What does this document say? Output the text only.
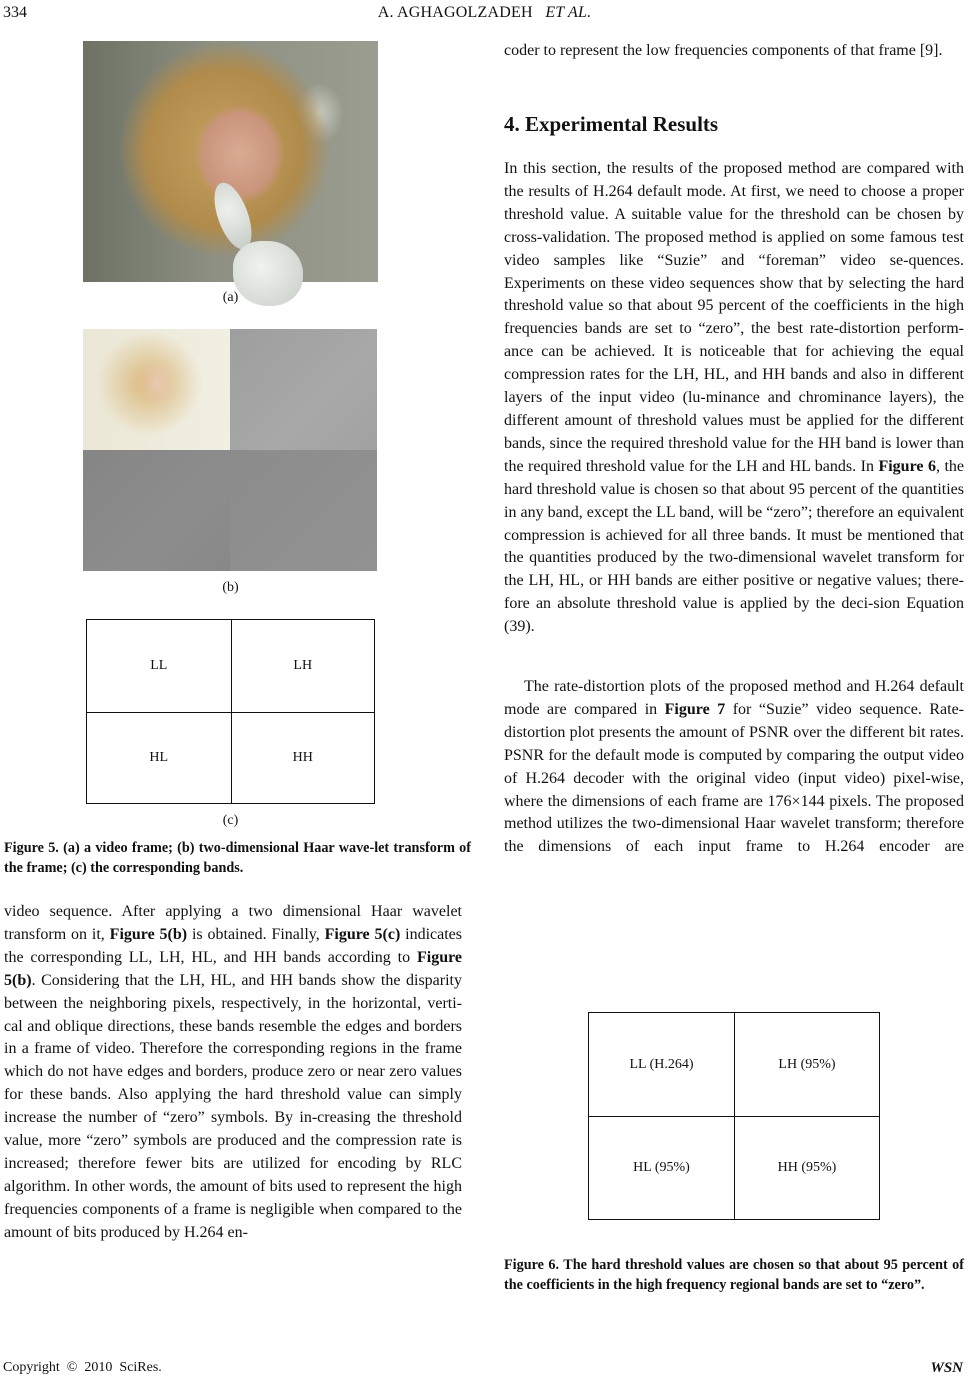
334	A. AGHAGOLZADEH ET AL.
(a)
(b)
LL	LH
HL	HH
(c)
Figure 5. (a) a video frame; (b) two-dimensional Haar wave-let transform of the frame; (c) the corresponding bands.
video sequence. After applying a two dimensional Haar wavelet transform on it, Figure 5(b) is obtained. Finally, Figure 5(c) indicates the corresponding LL, LH, HL, and HH bands according to Figure 5(b). Considering that the LH, HL, and HH bands show the disparity between the neighboring pixels, respectively, in the horizontal, verti-cal and oblique directions, these bands resemble the edges and borders in a frame of video. Therefore the corresponding regions in the frame which do not have edges and borders, produce zero or near zero values for these bands. Also applying the hard threshold value can simply increase the number of “zero” symbols. By in-creasing the threshold value, more “zero” symbols are produced and the compression rate is increased; therefore fewer bits are utilized for encoding by RLC algorithm. In other words, the amount of bits used to represent the high frequencies components of a frame is negligible when compared to the amount of bits produced by H.264 en-
coder to represent the low frequencies components of that frame [9].
4. Experimental Results
In this section, the results of the proposed method are compared with the results of H.264 default mode. At first, we need to choose a proper threshold value. A suitable value for the threshold can be chosen by cross-validation. The proposed method is applied on some famous test video samples like “Suzie” and “foreman” video se-quences. Experiments on these video sequences show that by selecting the hard threshold value so that about 95 percent of the coefficients in the high frequencies bands are set to “zero”, the best rate-distortion perform-ance can be achieved. It is noticeable that for achieving the equal compression rates for the LH, HL, and HH bands and also in different layers of the input video (lu-minance and chrominance layers), the different amount of threshold values must be applied for the different bands, since the required threshold value for the HH band is lower than the required threshold value for the LH and HL bands. In Figure 6, the hard threshold value is chosen so that about 95 percent of the quantities in any band, except the LL band, will be “zero”; therefore an equivalent compression is achieved for all three bands. It must be mentioned that the quantities produced by the two-dimensional wavelet transform for the LH, HL, or HH bands are either positive or negative values; there-fore an absolute threshold value is applied by the deci-sion Equation (39).
The rate-distortion plots of the proposed method and H.264 default mode are compared in Figure 7 for “Suzie” video sequence. Rate-distortion plot presents the amount of PSNR over the different bit rates. PSNR for the default mode is computed by comparing the output video of H.264 decoder with the original video (input video) pixel-wise, where the dimensions of each frame are 176×144 pixels. The proposed method utilizes the two-dimensional Haar wavelet transform; therefore the dimensions of each input frame to H.264 encoder are
LL (H.264)	LH (95%)
HL (95%)	HH (95%)
Figure 6. The hard threshold values are chosen so that about 95 percent of the coefficients in the high frequency regional bands are set to “zero”.
Copyright  ©  2010  SciRes.	WSN
